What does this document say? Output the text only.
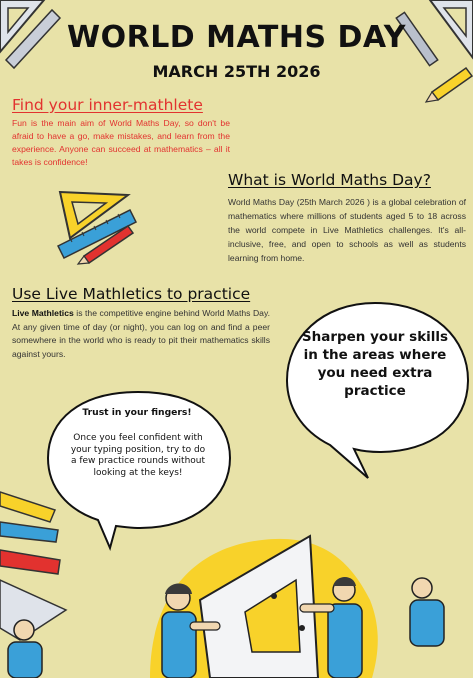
WORLD MATHS DAY
MARCH 25TH 2026
Find your inner-mathlete
Fun is the main aim of World Maths Day, so don't be afraid to have a go, make mistakes, and learn from the experience. Anyone can succeed at mathematics – all it takes is confidence!
What is World Maths Day?
World Maths Day (25th March 2026 ) is a global celebration of mathematics where millions of students aged 5 to 18 across the world compete in Live Mathletics challenges. It's all-inclusive, free, and open to schools as well as students learning from home.
Use Live Mathletics to practice
Live Mathletics is the competitive engine behind World Maths Day. At any given time of day (or night), you can log on and find a peer somewhere in the world who is ready to pit their mathematics skills against yours.
Sharpen your skills in the areas where you need extra practice
Trust in your fingers!
Once you feel confident with your typing position, try to do a few practice rounds without looking at the keys!
